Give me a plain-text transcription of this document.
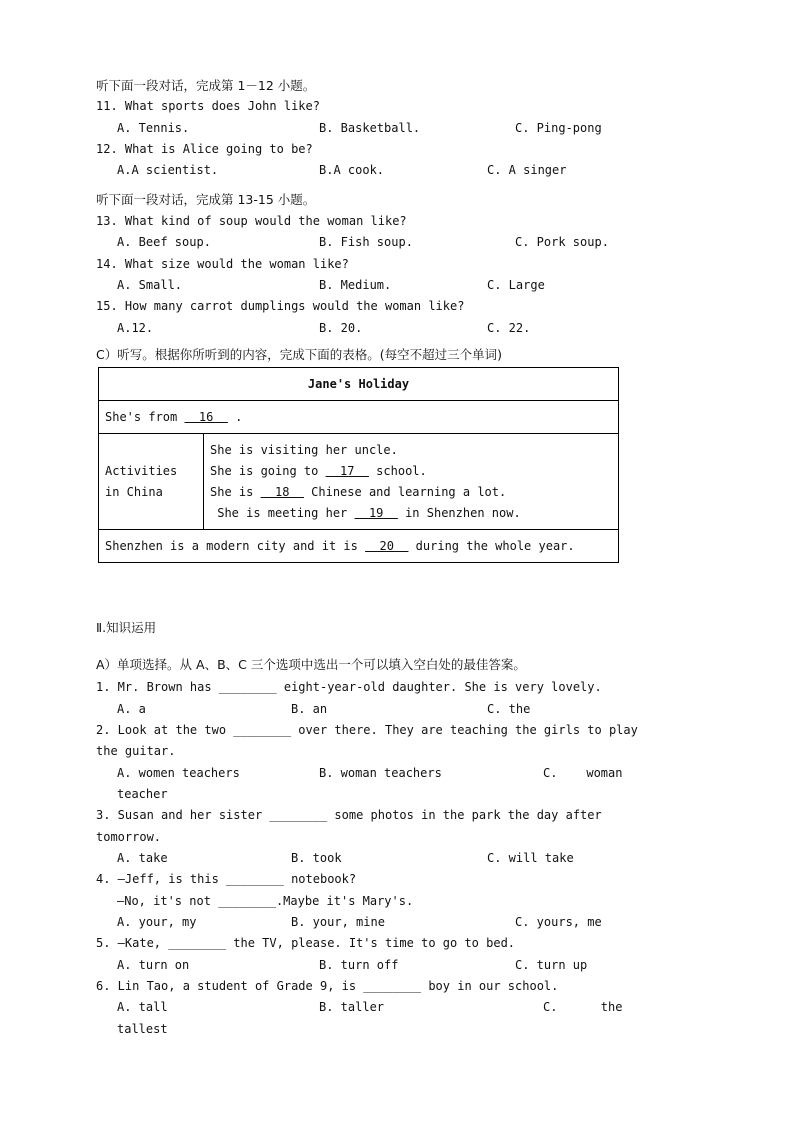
听下面一段对话，完成第 1－12 小题。
11. What sports does John like?
A. Tennis.	B. Basketball.	C. Ping-pong
12. What is Alice going to be?
A.A scientist.	B.A cook.	C. A singer
听下面一段对话，完成第 13-15 小题。
13. What kind of soup would the woman like?
A. Beef soup.	B. Fish soup.	C. Pork soup.
14. What size would the woman like?
A. Small.	B. Medium.	C. Large
15. How many carrot dumplings would the woman like?
A.12.	B. 20.	C. 22.
C）听写。根据你所听到的内容，完成下面的表格。(每空不超过三个单词)
Jane's Holiday
She's from   16   .

Activities
in China

She is visiting her uncle.
She is going to   17   school.
She is   18   Chinese and learning a lot.
She is meeting her   19   in Shenzhen now.

Shenzhen is a modern city and it is   20   during the whole year.
Ⅱ.知识运用
A）单项选择。从 A、B、C 三个选项中选出一个可以填入空白处的最佳答案。
1. Mr. Brown has ________ eight-year-old daughter. She is very lovely.
A. a	B. an	C. the
2. Look at the two ________ over there. They are teaching the girls to play
the guitar.
A. women teachers	B. woman teachers	C.    woman
teacher
3. Susan and her sister ________ some photos in the park the day after
tomorrow.
A. take	B. took	C. will take
4. —Jeff, is this ________ notebook?
—No, it's not ________.Maybe it's Mary's.
A. your, my	B. your, mine	C. yours, me
5. —Kate, ________ the TV, please. It's time to go to bed.
A. turn on	B. turn off	C. turn up
6. Lin Tao, a student of Grade 9, is ________ boy in our school.
A. tall	B. taller	C.      the
tallest
